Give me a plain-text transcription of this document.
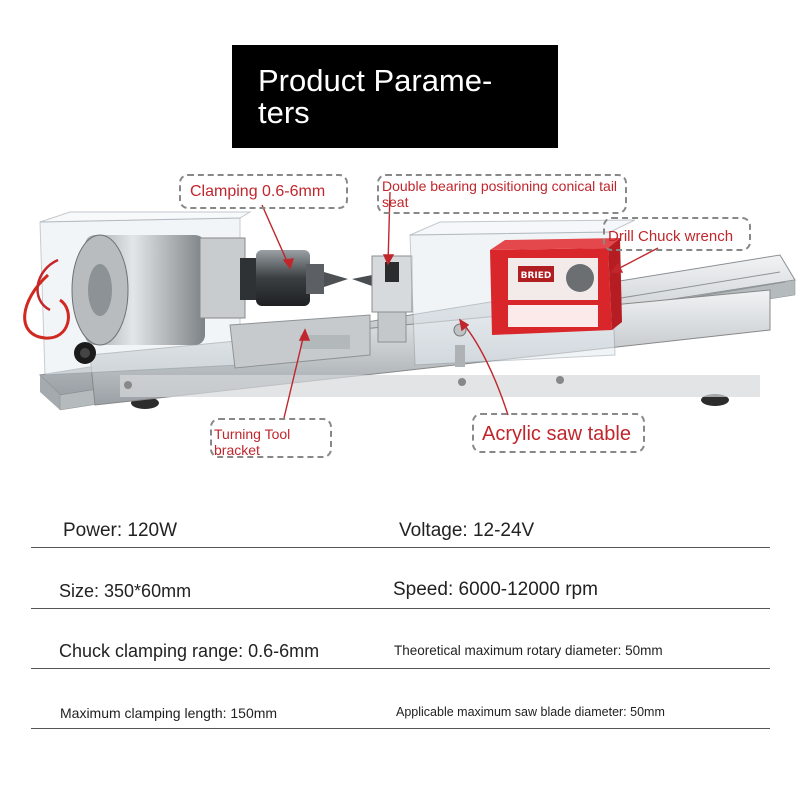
Product Parame-
ters
BRIED
Clamping 0.6-6mm	Double bearing positioning conical tail seat
Drill Chuck wrench
Turning Tool bracket
Acrylic saw table
Power: 120W	Voltage: 12-24V
Size: 350*60mm	Speed: 6000-12000 rpm
Chuck clamping range: 0.6-6mm	Theoretical maximum rotary diameter: 50mm
Maximum clamping length: 150mm	Applicable maximum saw blade diameter: 50mm
